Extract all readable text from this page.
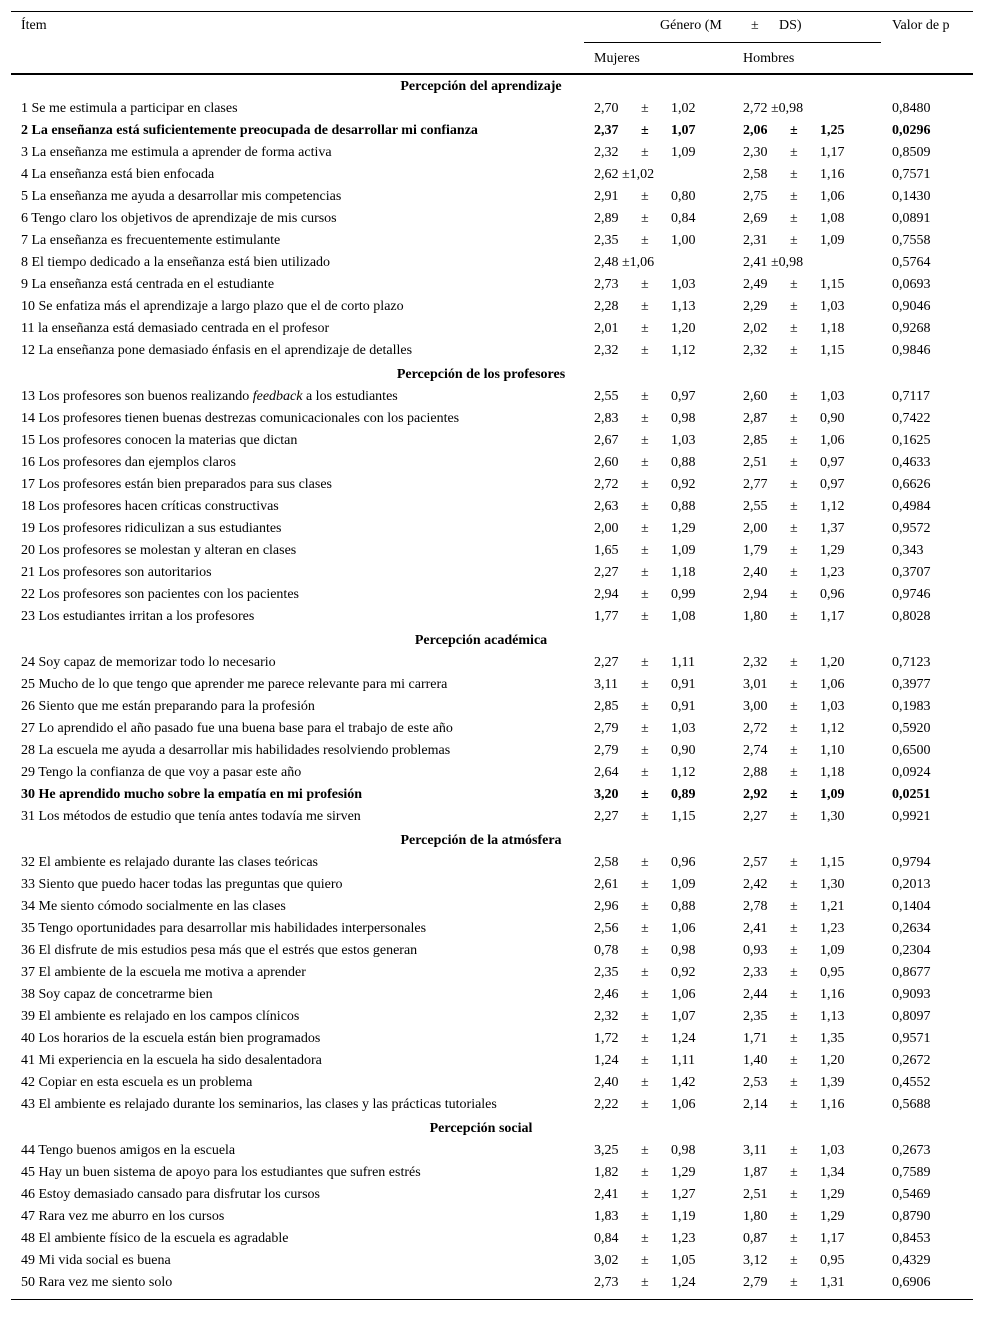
Ítem	Género (M ± DS)	Valor de p
Mujeres	Hombres
Percepción del aprendizaje
1 Se me estimula a participar en clases	2,70 ± 1,02	2,72 ±0,98	0,8480
2 La enseñanza está suficientemente preocupada de desarrollar mi confianza	2,37 ± 1,07	2,06 ± 1,25	0,0296
3 La enseñanza me estimula a aprender de forma activa	2,32 ± 1,09	2,30 ± 1,17	0,8509
4 La enseñanza está bien enfocada	2,62 ±1,02	2,58 ± 1,16	0,7571
5 La enseñanza me ayuda a desarrollar mis competencias	2,91 ± 0,80	2,75 ± 1,06	0,1430
6 Tengo claro los objetivos de aprendizaje de mis cursos	2,89 ± 0,84	2,69 ± 1,08	0,0891
7 La enseñanza es frecuentemente estimulante	2,35 ± 1,00	2,31 ± 1,09	0,7558
8 El tiempo dedicado a la enseñanza está bien utilizado	2,48 ±1,06	2,41 ±0,98	0,5764
9 La enseñanza está centrada en el estudiante	2,73 ± 1,03	2,49 ± 1,15	0,0693
10 Se enfatiza más el aprendizaje a largo plazo que el de corto plazo	2,28 ± 1,13	2,29 ± 1,03	0,9046
11 la enseñanza está demasiado centrada en el profesor	2,01 ± 1,20	2,02 ± 1,18	0,9268
12 La enseñanza pone demasiado énfasis en el aprendizaje de detalles	2,32 ± 1,12	2,32 ± 1,15	0,9846
Percepción de los profesores
13 Los profesores son buenos realizando feedback a los estudiantes	2,55 ± 0,97	2,60 ± 1,03	0,7117
14 Los profesores tienen buenas destrezas comunicacionales con los pacientes	2,83 ± 0,98	2,87 ± 0,90	0,7422
15 Los profesores conocen la materias que dictan	2,67 ± 1,03	2,85 ± 1,06	0,1625
16 Los profesores dan ejemplos claros	2,60 ± 0,88	2,51 ± 0,97	0,4633
17 Los profesores están bien preparados para sus clases	2,72 ± 0,92	2,77 ± 0,97	0,6626
18 Los profesores hacen críticas constructivas	2,63 ± 0,88	2,55 ± 1,12	0,4984
19 Los profesores ridiculizan a sus estudiantes	2,00 ± 1,29	2,00 ± 1,37	0,9572
20 Los profesores se molestan y alteran en clases	1,65 ± 1,09	1,79 ± 1,29	0,343
21 Los profesores son autoritarios	2,27 ± 1,18	2,40 ± 1,23	0,3707
22 Los profesores son pacientes con los pacientes	2,94 ± 0,99	2,94 ± 0,96	0,9746
23 Los estudiantes irritan a los profesores	1,77 ± 1,08	1,80 ± 1,17	0,8028
Percepción académica
24 Soy capaz de memorizar todo lo necesario	2,27 ± 1,11	2,32 ± 1,20	0,7123
25 Mucho de lo que tengo que aprender me parece relevante para mi carrera	3,11 ± 0,91	3,01 ± 1,06	0,3977
26 Siento que me están preparando para la profesión	2,85 ± 0,91	3,00 ± 1,03	0,1983
27 Lo aprendido el año pasado fue una buena base para el trabajo de este año	2,79 ± 1,03	2,72 ± 1,12	0,5920
28 La escuela me ayuda a desarrollar mis habilidades resolviendo problemas	2,79 ± 0,90	2,74 ± 1,10	0,6500
29 Tengo la confianza de que voy a pasar este año	2,64 ± 1,12	2,88 ± 1,18	0,0924
30 He aprendido mucho sobre la empatía en mi profesión	3,20 ± 0,89	2,92 ± 1,09	0,0251
31 Los métodos de estudio que tenía antes todavía me sirven	2,27 ± 1,15	2,27 ± 1,30	0,9921
Percepción de la atmósfera
32 El ambiente es relajado durante las clases teóricas	2,58 ± 0,96	2,57 ± 1,15	0,9794
33 Siento que puedo hacer todas las preguntas que quiero	2,61 ± 1,09	2,42 ± 1,30	0,2013
34 Me siento cómodo socialmente en las clases	2,96 ± 0,88	2,78 ± 1,21	0,1404
35 Tengo oportunidades para desarrollar mis habilidades interpersonales	2,56 ± 1,06	2,41 ± 1,23	0,2634
36 El disfrute de mis estudios pesa más que el estrés que estos generan	0,78 ± 0,98	0,93 ± 1,09	0,2304
37 El ambiente de la escuela me motiva a aprender	2,35 ± 0,92	2,33 ± 0,95	0,8677
38 Soy capaz de concetrarme bien	2,46 ± 1,06	2,44 ± 1,16	0,9093
39 El ambiente es relajado en los campos clínicos	2,32 ± 1,07	2,35 ± 1,13	0,8097
40 Los horarios de la escuela están bien programados	1,72 ± 1,24	1,71 ± 1,35	0,9571
41 Mi experiencia en la escuela ha sido desalentadora	1,24 ± 1,11	1,40 ± 1,20	0,2672
42 Copiar en esta escuela es un problema	2,40 ± 1,42	2,53 ± 1,39	0,4552
43 El ambiente es relajado durante los seminarios, las clases y las prácticas tutoriales	2,22 ± 1,06	2,14 ± 1,16	0,5688
Percepción social
44 Tengo buenos amigos en la escuela	3,25 ± 0,98	3,11 ± 1,03	0,2673
45 Hay un buen sistema de apoyo para los estudiantes que sufren estrés	1,82 ± 1,29	1,87 ± 1,34	0,7589
46 Estoy demasiado cansado para disfrutar los cursos	2,41 ± 1,27	2,51 ± 1,29	0,5469
47 Rara vez me aburro en los cursos	1,83 ± 1,19	1,80 ± 1,29	0,8790
48 El ambiente físico de la escuela es agradable	0,84 ± 1,23	0,87 ± 1,17	0,8453
49 Mi vida social es buena	3,02 ± 1,05	3,12 ± 0,95	0,4329
50 Rara vez me siento solo	2,73 ± 1,24	2,79 ± 1,31	0,6906
